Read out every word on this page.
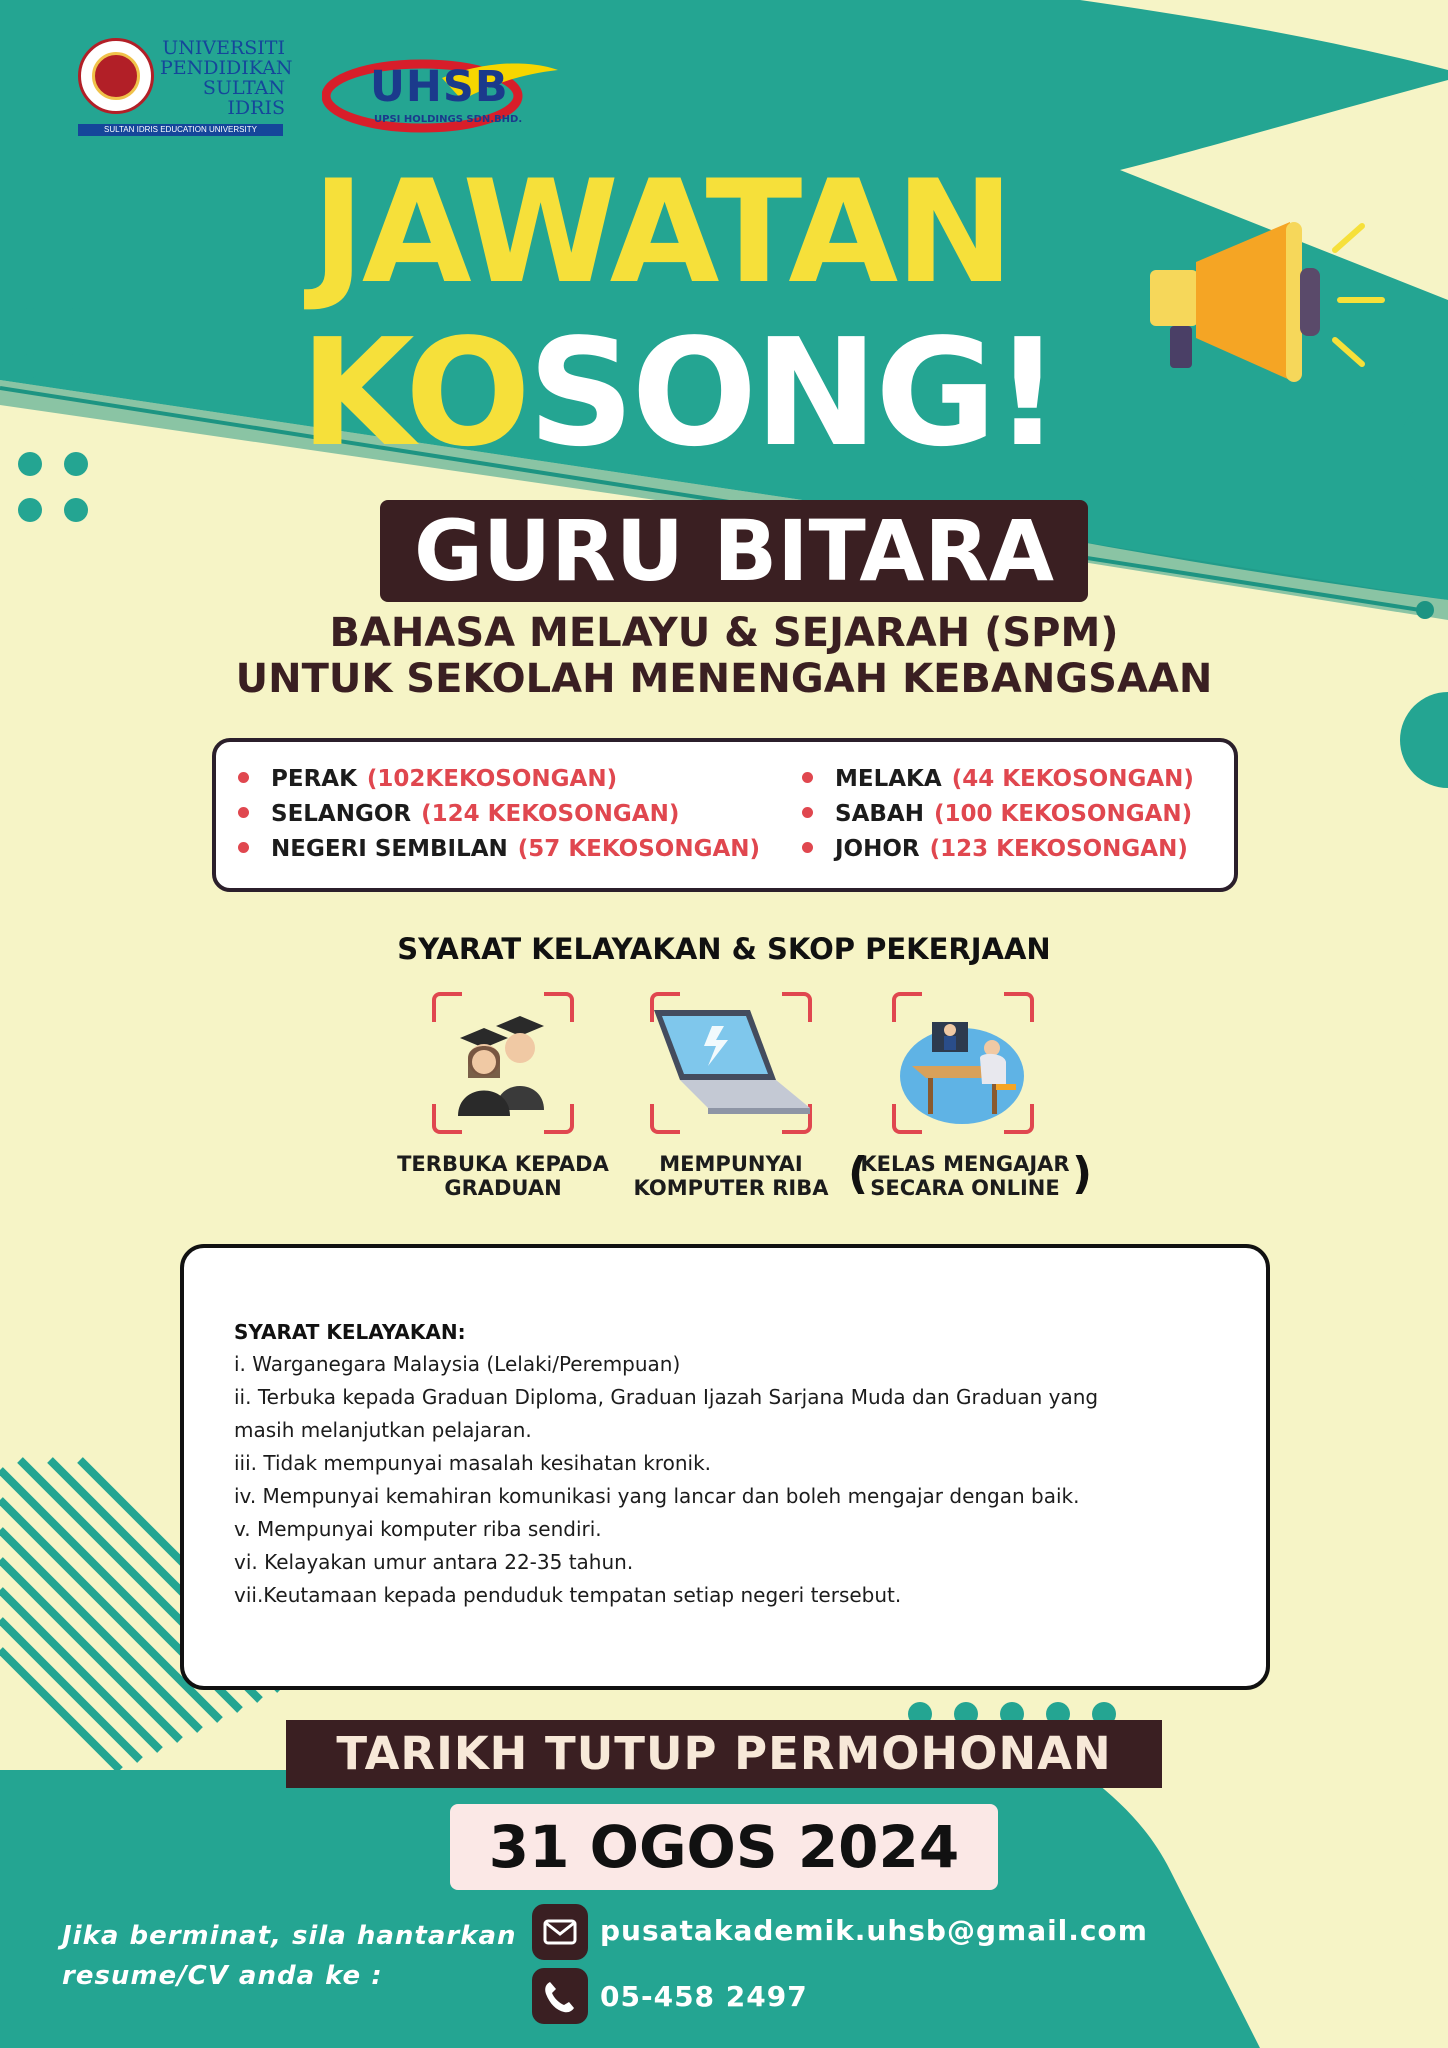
UNIVERSITI
PENDIDIKAN
SULTAN IDRIS
SULTAN IDRIS EDUCATION UNIVERSITY
UHSB
UPSI HOLDINGS SDN.BHD.
JAWATAN
KOSONG!
GURU BITARA
BAHASA MELAYU & SEJARAH (SPM)
UNTUK SEKOLAH MENENGAH KEBANGSAAN
PERAK (102KEKOSONGAN)
SELANGOR (124 KEKOSONGAN)
NEGERI SEMBILAN (57 KEKOSONGAN)
MELAKA (44 KEKOSONGAN)
SABAH (100 KEKOSONGAN)
JOHOR (123 KEKOSONGAN)
SYARAT KELAYAKAN & SKOP PEKERJAAN
TERBUKA KEPADA
GRADUAN
MEMPUNYAI
KOMPUTER RIBA
KELAS MENGAJAR
SECARA ONLINE
(	)
SYARAT KELAYAKAN:
i. Warganegara Malaysia (Lelaki/Perempuan)
ii. Terbuka kepada Graduan Diploma, Graduan Ijazah Sarjana Muda dan Graduan yang
masih melanjutkan pelajaran.
iii. Tidak mempunyai masalah kesihatan kronik.
iv. Mempunyai kemahiran komunikasi yang lancar dan boleh mengajar dengan baik.
v. Mempunyai komputer riba sendiri.
vi. Kelayakan umur antara 22-35 tahun.
vii.Keutamaan kepada penduduk tempatan setiap negeri tersebut.
TARIKH TUTUP PERMOHONAN
31 OGOS 2024
Jika berminat, sila hantarkan
resume/CV anda ke :
pusatakademik.uhsb@gmail.com
05-458 2497
